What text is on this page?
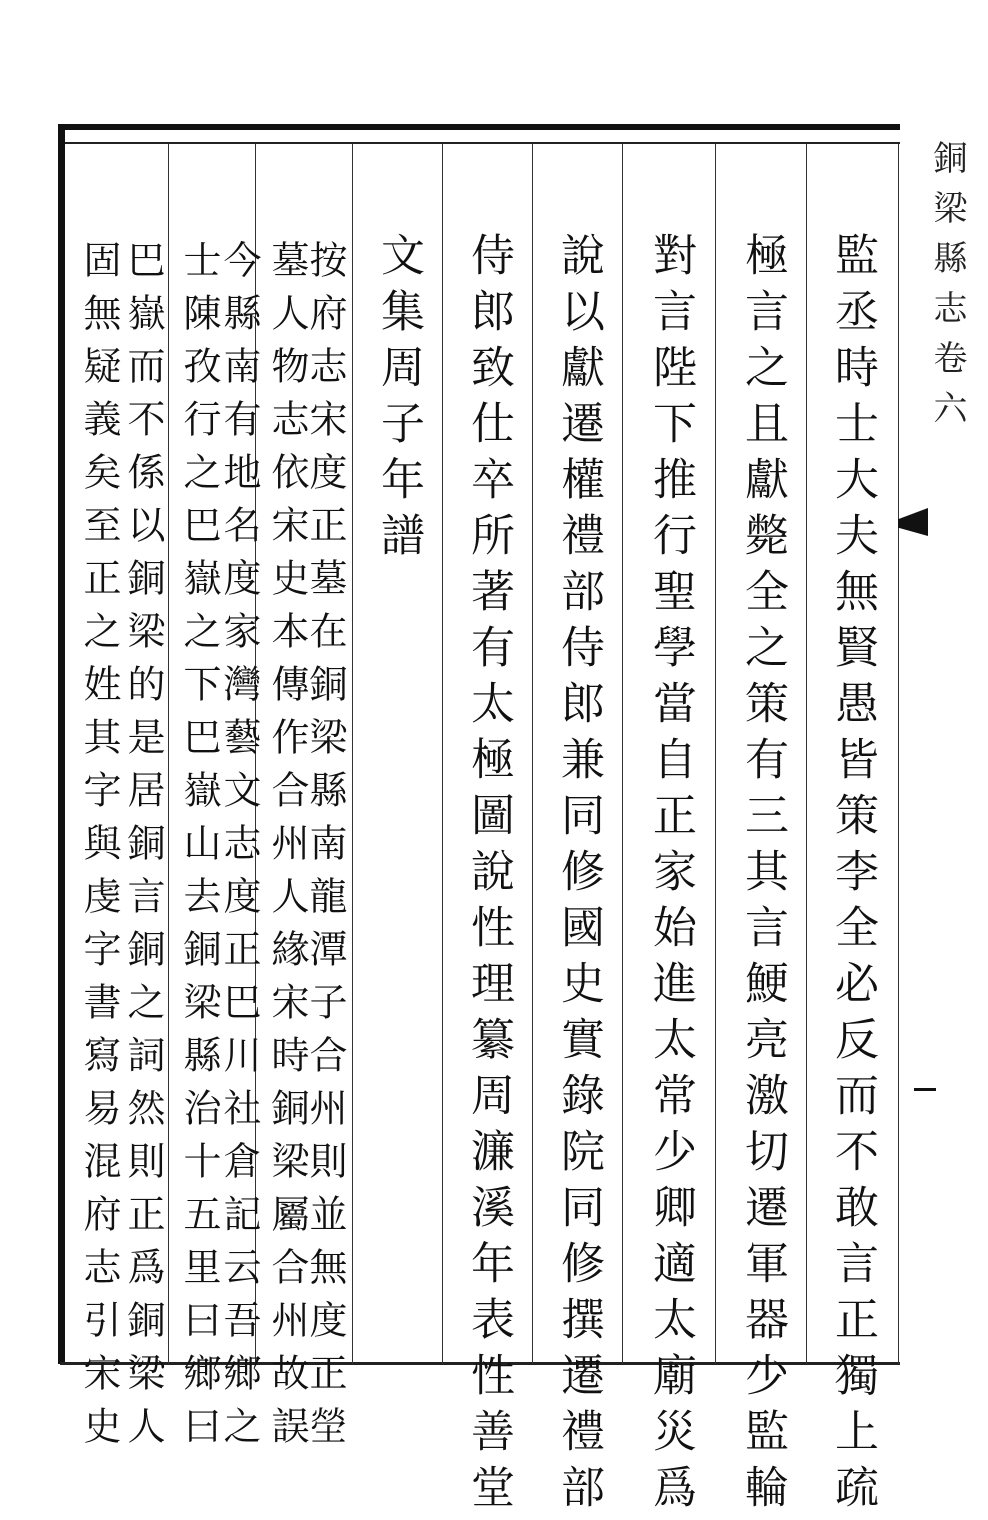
監丞時士大夫無賢愚皆策李全必反而不敢言正獨上疏
極言之且獻斃全之策有三其言鯁亮激切遷軍器少監輪
對言陛下推行聖學當自正家始進太常少卿適太廟災爲
說以獻遷權禮部侍郎兼同修國史實錄院同修撰遷禮部
侍郎致仕卒所著有太極圖說性理纂周濂溪年表性善堂
文集周子年譜
按府志宋度正墓在銅梁縣南龍潭子合州則並無度正塋
墓人物志依宋史本傳作合州人緣宋時銅梁屬合州故誤
今縣南有地名度家灣藝文志度正巴川社倉記云吾鄉之
士陳孜行之巴嶽之下巴嶽山去銅梁縣治十五里曰鄉曰
巴嶽而不係以銅梁的是居銅言銅之詞然則正爲銅梁人
固無疑義矣至正之姓其字與虔字書寫易混府志引宋史	銅梁縣志卷六
